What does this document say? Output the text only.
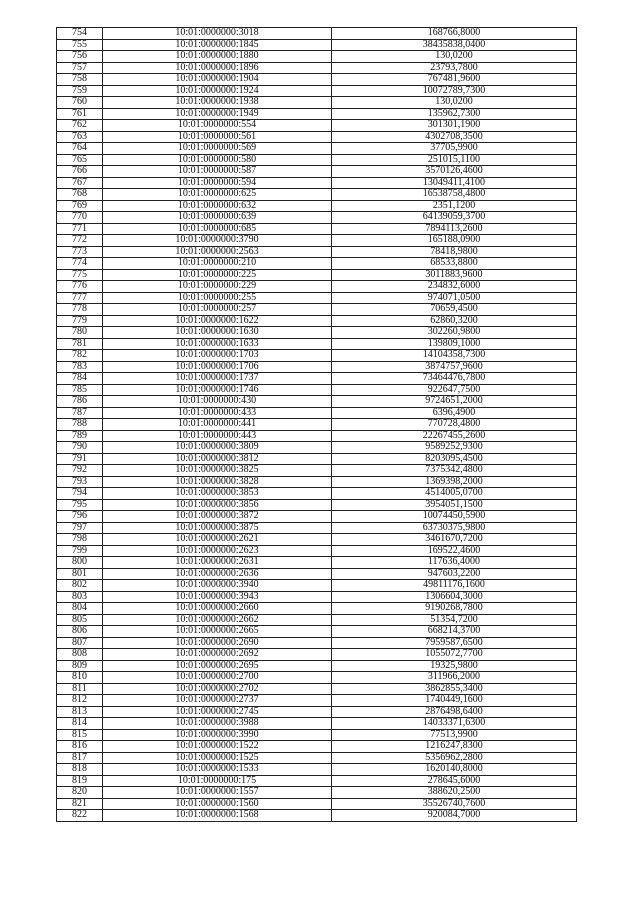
754	10:01:0000000:3018	168766,8000
755	10:01:0000000:1845	38435838,0400
756	10:01:0000000:1880	130,0200
757	10:01:0000000:1896	23793,7800
758	10:01:0000000:1904	767481,9600
759	10:01:0000000:1924	10072789,7300
760	10:01:0000000:1938	130,0200
761	10:01:0000000:1949	135962,7300
762	10:01:0000000:554	301301,1900
763	10:01:0000000:561	4302708,3500
764	10:01:0000000:569	37705,9900
765	10:01:0000000:580	251015,1100
766	10:01:0000000:587	3570126,4600
767	10:01:0000000:594	13049411,4100
768	10:01:0000000:625	16538758,4800
769	10:01:0000000:632	2351,1200
770	10:01:0000000:639	64139059,3700
771	10:01:0000000:685	7894113,2600
772	10:01:0000000:3790	165188,0900
773	10:01:0000000:2563	78418,9800
774	10:01:0000000:210	68533,8800
775	10:01:0000000:225	3011883,9600
776	10:01:0000000:229	234832,6000
777	10:01:0000000:255	974071,0500
778	10:01:0000000:257	70659,4500
779	10:01:0000000:1622	62860,3200
780	10:01:0000000:1630	302260,9800
781	10:01:0000000:1633	139809,1000
782	10:01:0000000:1703	14104358,7300
783	10:01:0000000:1706	3874757,9600
784	10:01:0000000:1737	73464476,7800
785	10:01:0000000:1746	922647,7500
786	10:01:0000000:430	9724651,2000
787	10:01:0000000:433	6396,4900
788	10:01:0000000:441	770728,4800
789	10:01:0000000:443	22267455,2600
790	10:01:0000000:3809	9589252,9300
791	10:01:0000000:3812	8203095,4500
792	10:01:0000000:3825	7375342,4800
793	10:01:0000000:3828	1369398,2000
794	10:01:0000000:3853	4514005,0700
795	10:01:0000000:3856	3954051,1500
796	10:01:0000000:3872	10074450,5900
797	10:01:0000000:3875	63730375,9800
798	10:01:0000000:2621	3461670,7200
799	10:01:0000000:2623	169522,4600
800	10:01:0000000:2631	117636,4000
801	10:01:0000000:2636	947603,2200
802	10:01:0000000:3940	49811176,1600
803	10:01:0000000:3943	1306604,3000
804	10:01:0000000:2660	9190268,7800
805	10:01:0000000:2662	51354,7200
806	10:01:0000000:2665	668214,3700
807	10:01:0000000:2690	7959587,6500
808	10:01:0000000:2692	1055072,7700
809	10:01:0000000:2695	19325,9800
810	10:01:0000000:2700	311966,2000
811	10:01:0000000:2702	3862855,3400
812	10:01:0000000:2737	1740449,1600
813	10:01:0000000:2745	2876498,6400
814	10:01:0000000:3988	14033371,6300
815	10:01:0000000:3990	77513,9900
816	10:01:0000000:1522	1216247,8300
817	10:01:0000000:1525	5356962,2800
818	10:01:0000000:1533	1620140,8000
819	10:01:0000000:175	278645,6000
820	10:01:0000000:1557	388620,2500
821	10:01:0000000:1560	35526740,7600
822	10:01:0000000:1568	920084,7000
